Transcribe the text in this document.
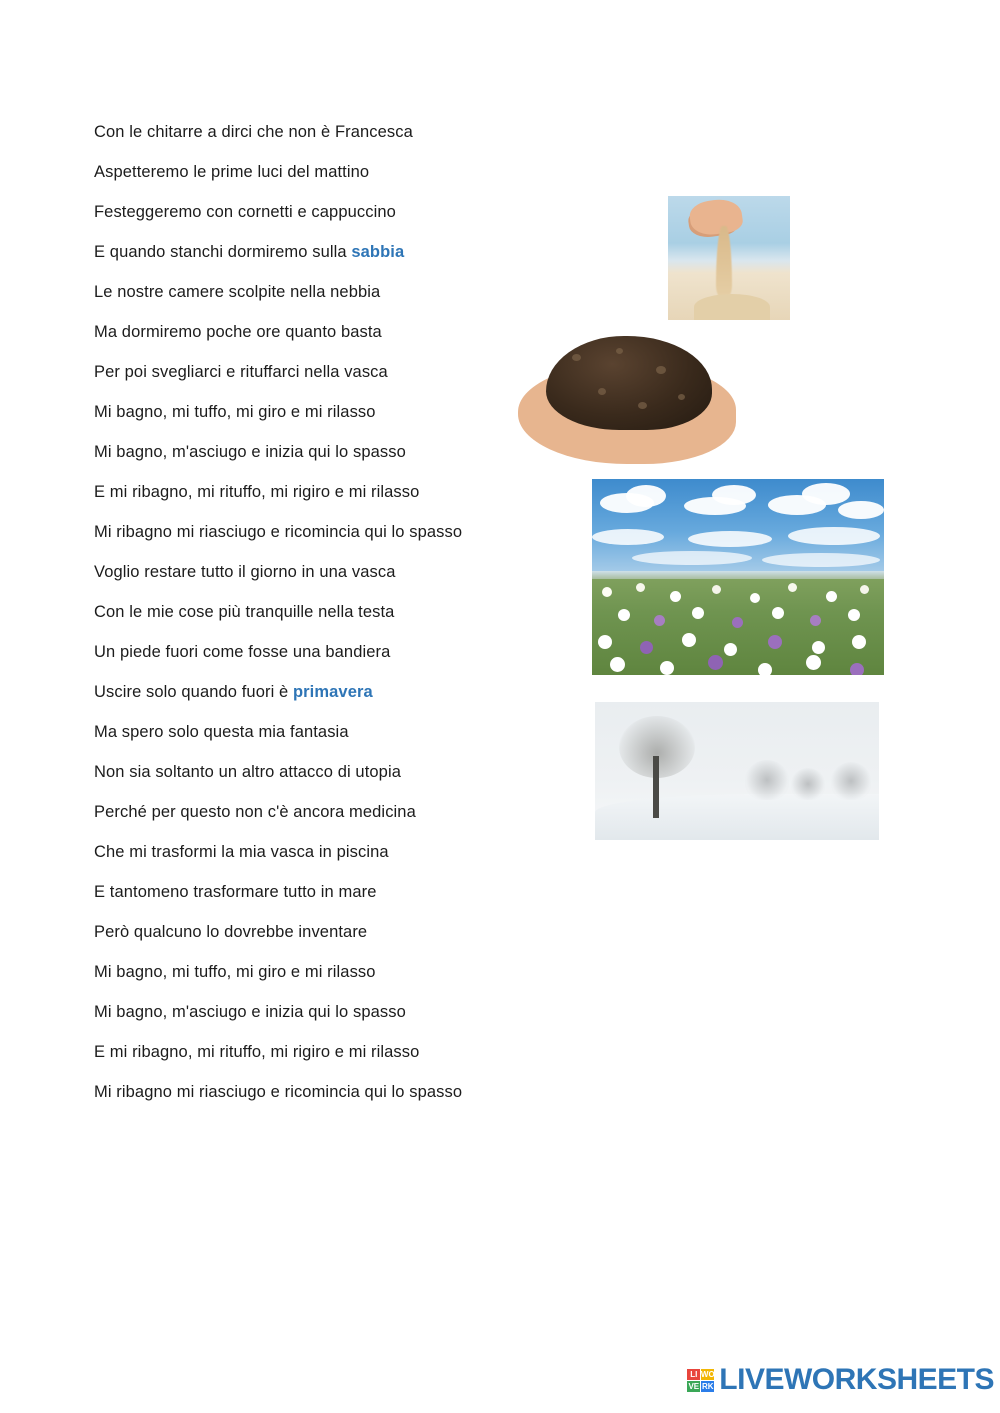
Con le chitarre a dirci che non è Francesca
Aspetteremo le prime luci del mattino
Festeggeremo con cornetti e cappuccino
E quando stanchi dormiremo sulla sabbia
Le nostre camere scolpite nella nebbia
Ma dormiremo poche ore quanto basta
Per poi svegliarci e rituffarci nella vasca
Mi bagno, mi tuffo, mi giro e mi rilasso
Mi bagno, m'asciugo e inizia qui lo spasso
E mi ribagno, mi rituffo, mi rigiro e mi rilasso
Mi ribagno mi riasciugo e ricomincia qui lo spasso
Voglio restare tutto il giorno in una vasca
Con le mie cose più tranquille nella testa
Un piede fuori come fosse una bandiera
Uscire solo quando fuori è primavera
Ma spero solo questa mia fantasia
Non sia soltanto un altro attacco di utopia
Perché per questo non c'è ancora medicina
Che mi trasformi la mia vasca in piscina
E tantomeno trasformare tutto in mare
Però qualcuno lo dovrebbe inventare
Mi bagno, mi tuffo, mi giro e mi rilasso
Mi bagno, m'asciugo e inizia qui lo spasso
E mi ribagno, mi rituffo, mi rigiro e mi rilasso
Mi ribagno mi riasciugo e ricomincia qui lo spasso
LI WO
VE RK LIVEWORKSHEETS
